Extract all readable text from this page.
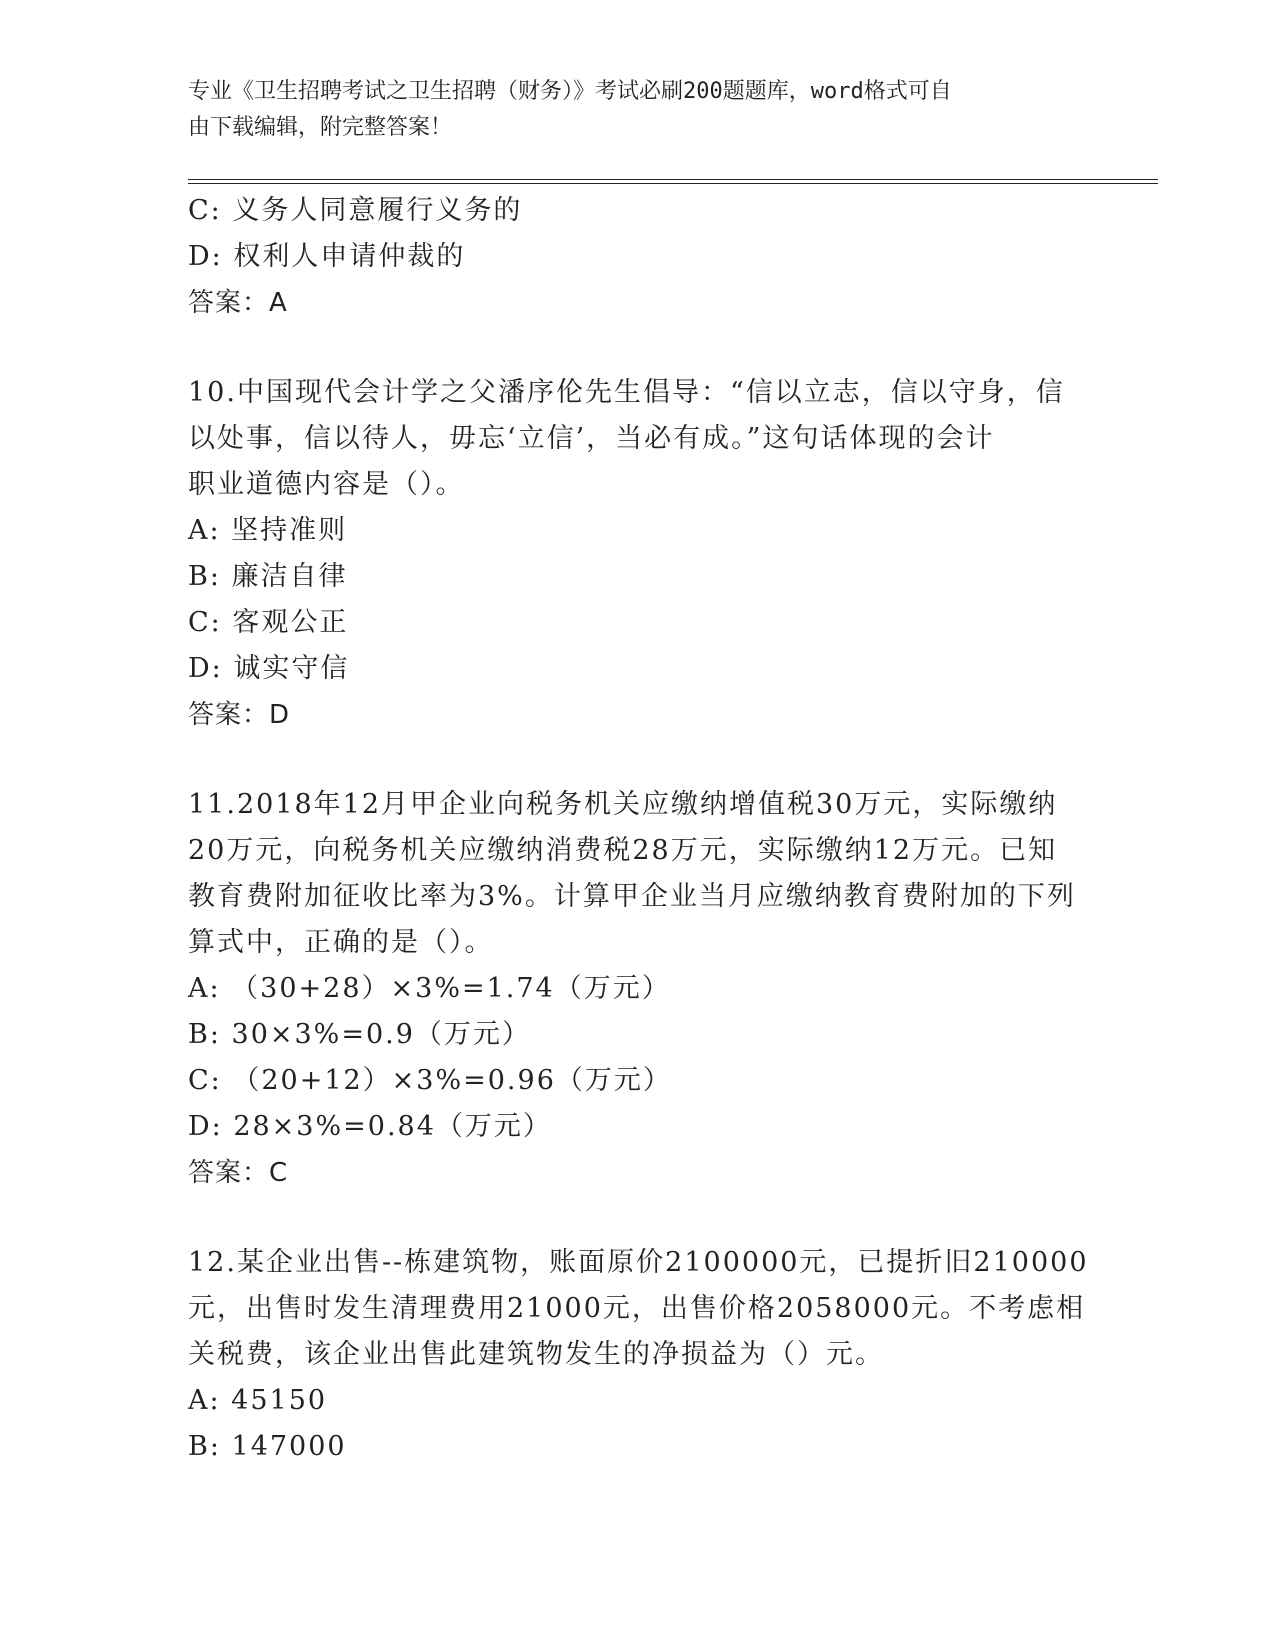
专业《卫生招聘考试之卫生招聘（财务）》考试必刷200题题库，word格式可自
由下载编辑，附完整答案！
C: 义务人同意履行义务的
D: 权利人申请仲裁的
答案：A
10.中国现代会计学之父潘序伦先生倡导：“信以立志，信以守身，信
以处事，信以待人，毋忘‘立信’，当必有成。”这句话体现的会计
职业道德内容是（）。
A: 坚持准则
B: 廉洁自律
C: 客观公正
D: 诚实守信
答案：D
11.2018年12月甲企业向税务机关应缴纳增值税30万元，实际缴纳
20万元，向税务机关应缴纳消费税28万元，实际缴纳12万元。已知
教育费附加征收比率为3%。计算甲企业当月应缴纳教育费附加的下列
算式中，正确的是（）。
A: （30+28）×3%=1.74（万元）
B: 30×3%=0.9（万元）
C: （20+12）×3%=0.96（万元）
D: 28×3%=0.84（万元）
答案：C
12.某企业出售--栋建筑物，账面原价2100000元，已提折旧210000
元，出售时发生清理费用21000元，出售价格2058000元。不考虑相
关税费，该企业出售此建筑物发生的净损益为（）元。
A: 45150
B: 147000
